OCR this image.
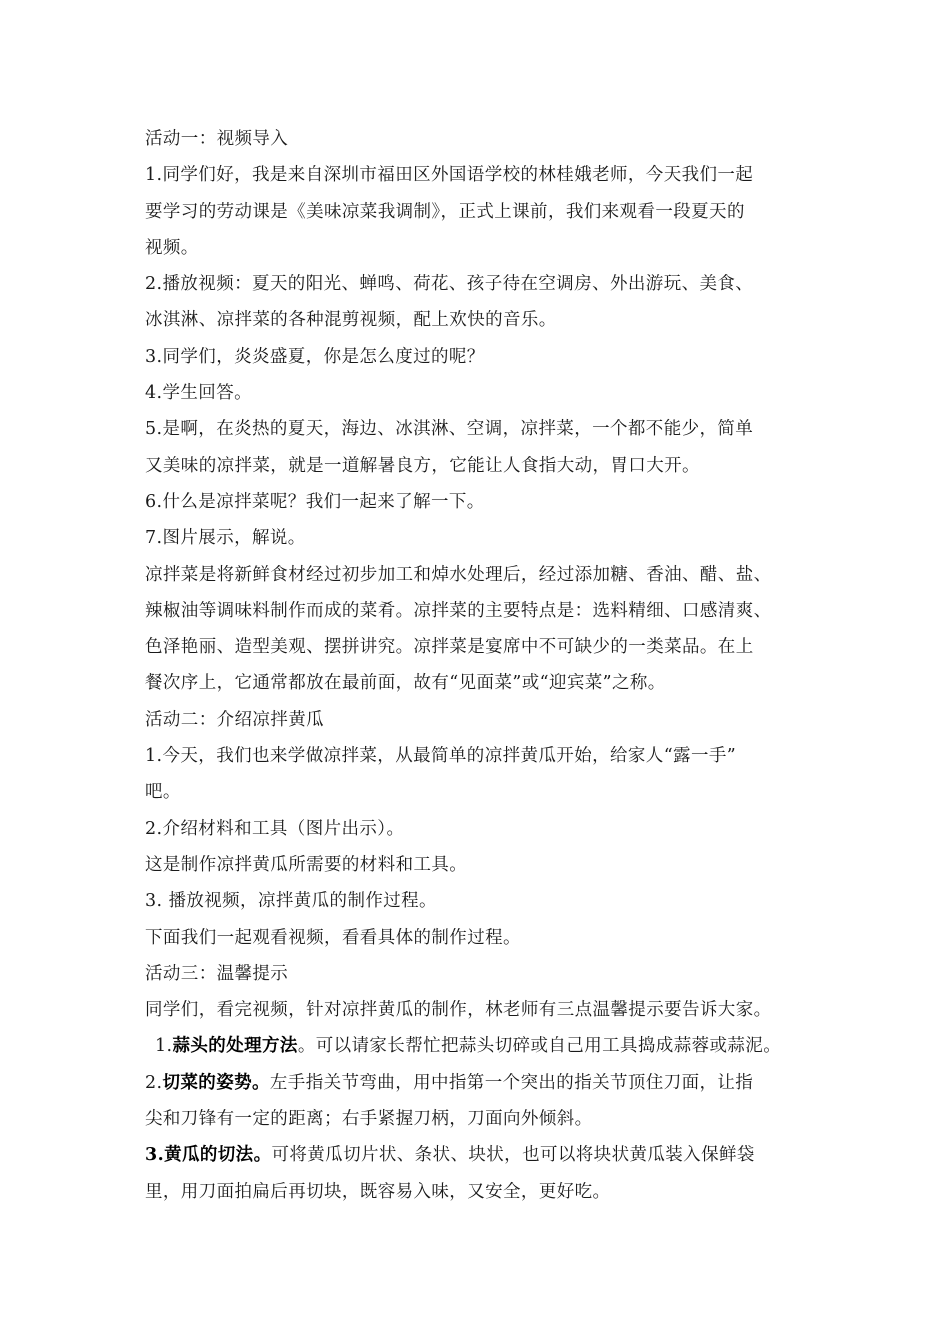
活动一：视频导入
1.同学们好，我是来自深圳市福田区外国语学校的林桂娥老师，今天我们一起
要学习的劳动课是《美味凉菜我调制》，正式上课前，我们来观看一段夏天的
视频。
2.播放视频：夏天的阳光、蝉鸣、荷花、孩子待在空调房、外出游玩、美食、
冰淇淋、凉拌菜的各种混剪视频，配上欢快的音乐。
3.同学们，炎炎盛夏，你是怎么度过的呢？
4.学生回答。
5.是啊，在炎热的夏天，海边、冰淇淋、空调，凉拌菜，一个都不能少，简单
又美味的凉拌菜，就是一道解暑良方，它能让人食指大动，胃口大开。
6.什么是凉拌菜呢？我们一起来了解一下。
7.图片展示，解说。
凉拌菜是将新鲜食材经过初步加工和焯水处理后，经过添加糖、香油、醋、盐、
辣椒油等调味料制作而成的菜肴。凉拌菜的主要特点是：选料精细、口感清爽、
色泽艳丽、造型美观、摆拼讲究。凉拌菜是宴席中不可缺少的一类菜品。在上
餐次序上，它通常都放在最前面，故有“见面菜”或“迎宾菜”之称。
活动二：介绍凉拌黄瓜
1.今天，我们也来学做凉拌菜，从最简单的凉拌黄瓜开始，给家人“露一手”
吧。
2.介绍材料和工具（图片出示）。
这是制作凉拌黄瓜所需要的材料和工具。
3. 播放视频，凉拌黄瓜的制作过程。
下面我们一起观看视频，看看具体的制作过程。
活动三：温馨提示
同学们，看完视频，针对凉拌黄瓜的制作，林老师有三点温馨提示要告诉大家。
1.蒜头的处理方法。可以请家长帮忙把蒜头切碎或自己用工具捣成蒜蓉或蒜泥。
2.切菜的姿势。左手指关节弯曲，用中指第一个突出的指关节顶住刀面，让指
尖和刀锋有一定的距离；右手紧握刀柄，刀面向外倾斜。
3.黄瓜的切法。可将黄瓜切片状、条状、块状，也可以将块状黄瓜装入保鲜袋
里，用刀面拍扁后再切块，既容易入味，又安全，更好吃。
